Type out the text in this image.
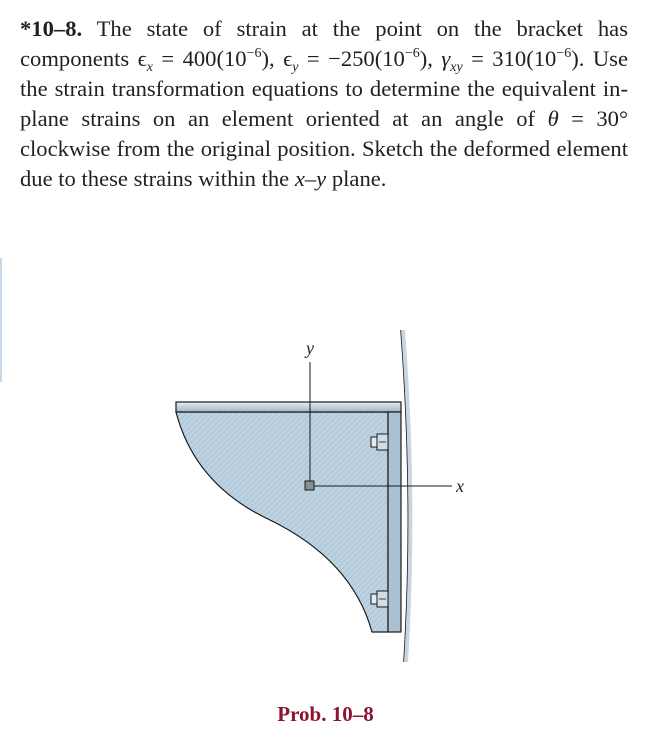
*10–8. The state of strain at the point on the bracket has components $\epsilon_x = 400(10^{-6})$, $\epsilon_y = -250(10^{-6})$, $\gamma_{xy} = 310(10^{-6})$. Use the strain transformation equations to determine the equivalent in-plane strains on an element oriented at an angle of θ = 30° clockwise from the original position. Sketch the deformed element due to these strains within the x–y plane.
y
x
Prob. 10–8
